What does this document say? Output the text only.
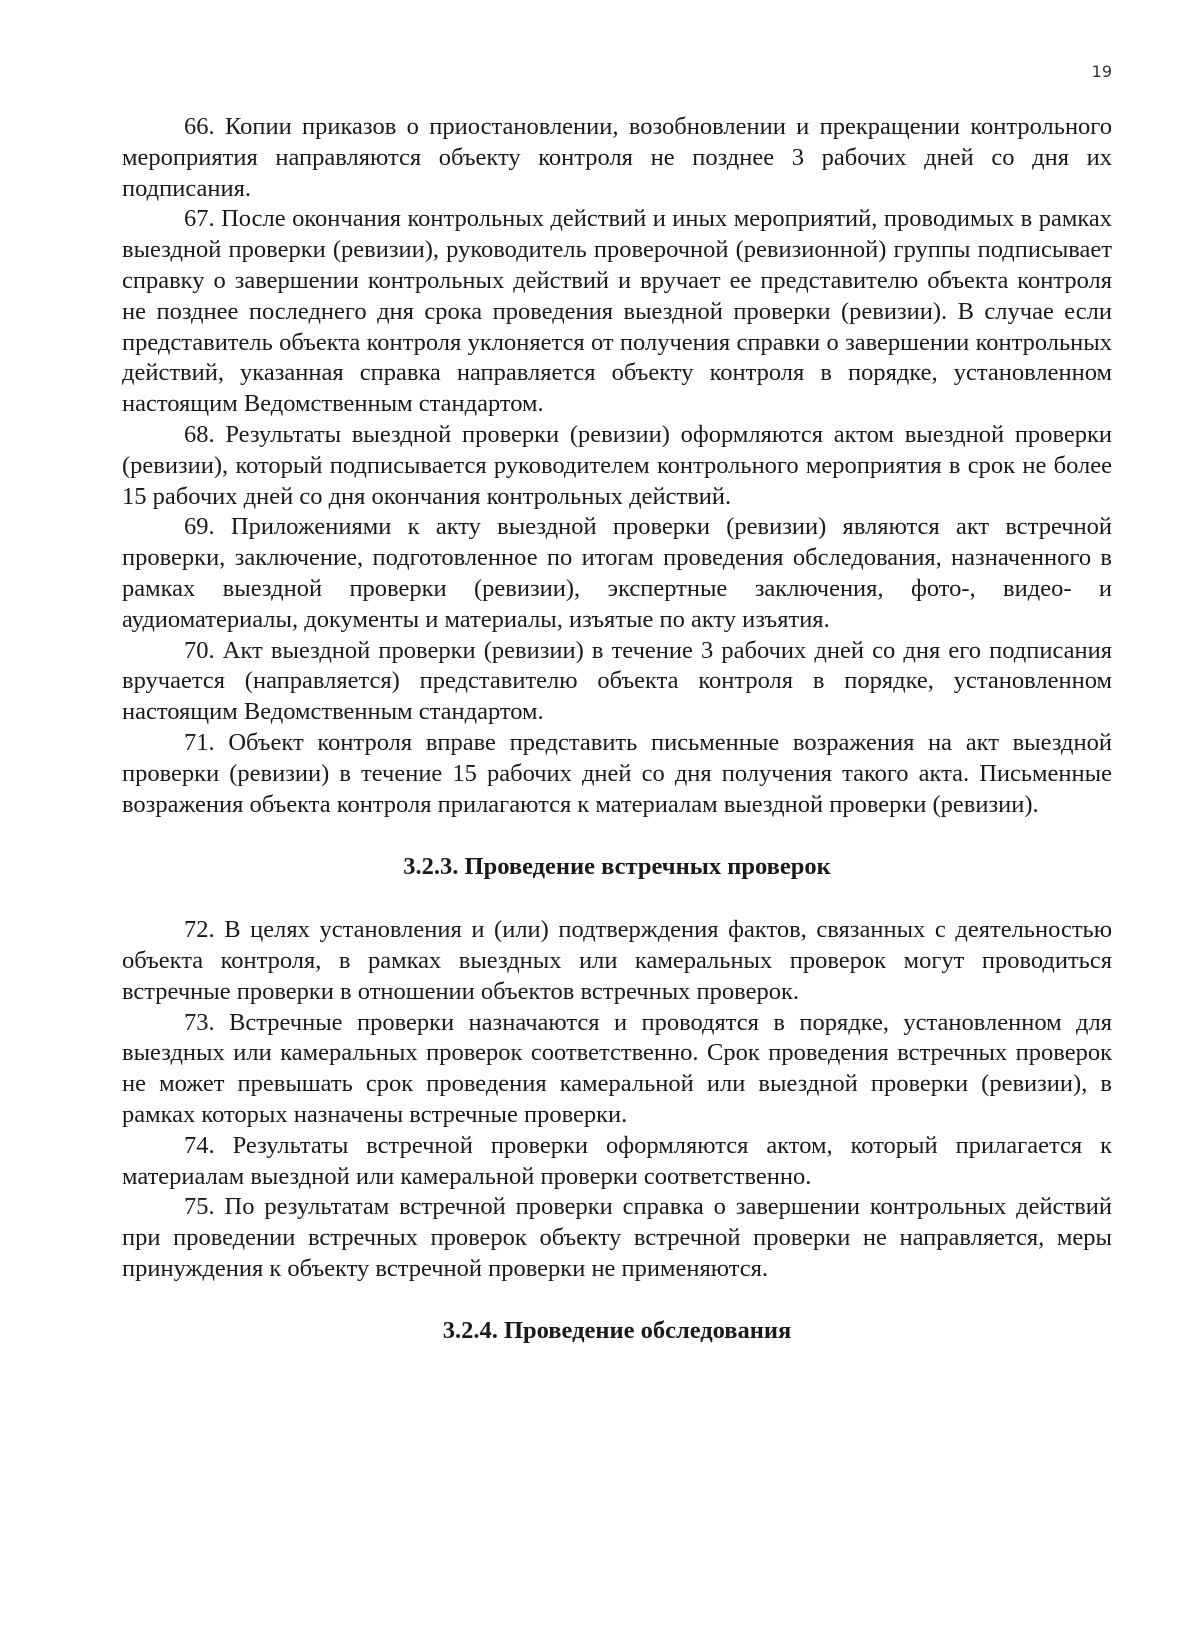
19

66. Копии приказов о приостановлении, возобновлении и прекращении контрольного мероприятия направляются объекту контроля не позднее 3 рабочих дней со дня их подписания.

67. После окончания контрольных действий и иных мероприятий, проводимых в рамках выездной проверки (ревизии), руководитель проверочной (ревизионной) группы подписывает справку о завершении контрольных действий и вручает ее представителю объекта контроля не позднее последнего дня срока проведения выездной проверки (ревизии). В случае если представитель объекта контроля уклоняется от получения справки о завершении контрольных действий, указанная справка направляется объекту контроля в порядке, установленном настоящим Ведомственным стандартом.

68. Результаты выездной проверки (ревизии) оформляются актом выездной проверки (ревизии), который подписывается руководителем контрольного мероприятия в срок не более 15 рабочих дней со дня окончания контрольных действий.

69. Приложениями к акту выездной проверки (ревизии) являются акт встречной проверки, заключение, подготовленное по итогам проведения обследования, назначенного в рамках выездной проверки (ревизии), экспертные заключения, фото-, видео- и аудиоматериалы, документы и материалы, изъятые по акту изъятия.

70. Акт выездной проверки (ревизии) в течение 3 рабочих дней со дня его подписания вручается (направляется) представителю объекта контроля в порядке, установленном настоящим Ведомственным стандартом.

71. Объект контроля вправе представить письменные возражения на акт выездной проверки (ревизии) в течение 15 рабочих дней со дня получения такого акта. Письменные возражения объекта контроля прилагаются к материалам выездной проверки (ревизии).

3.2.3. Проведение встречных проверок

72. В целях установления и (или) подтверждения фактов, связанных с деятельностью объекта контроля, в рамках выездных или камеральных проверок могут проводиться встречные проверки в отношении объектов встречных проверок.

73. Встречные проверки назначаются и проводятся в порядке, установленном для выездных или камеральных проверок соответственно. Срок проведения встречных проверок не может превышать срок проведения камеральной или выездной проверки (ревизии), в рамках которых назначены встречные проверки.

74. Результаты встречной проверки оформляются актом, который прилагается к материалам выездной или камеральной проверки соответственно.

75. По результатам встречной проверки справка о завершении контрольных действий при проведении встречных проверок объекту встречной проверки не направляется, меры принуждения к объекту встречной проверки не применяются.

3.2.4. Проведение обследования
